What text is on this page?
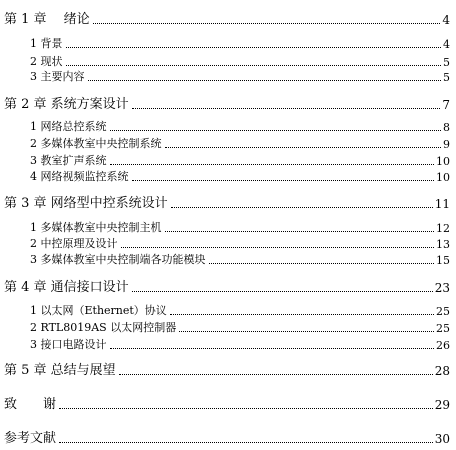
第 1 章　 绪论	4
1 背景	4
2 现状	5
3 主要内容	5
第 2 章 系统方案设计	7
1 网络总控系统	8
2 多媒体教室中央控制系统	9
3 教室扩声系统	10
4 网络视频监控系统	10
第 3 章 网络型中控系统设计	11
1 多媒体教室中央控制主机	12
2 中控原理及设计	13
3 多媒体教室中央控制端各功能模块	15
第 4 章 通信接口设计	23
1 以太网（Ethernet）协议	25
2 RTL8019AS 以太网控制器	25
3 接口电路设计	26
第 5 章 总结与展望	28
致　　谢	29
参考文献	30
